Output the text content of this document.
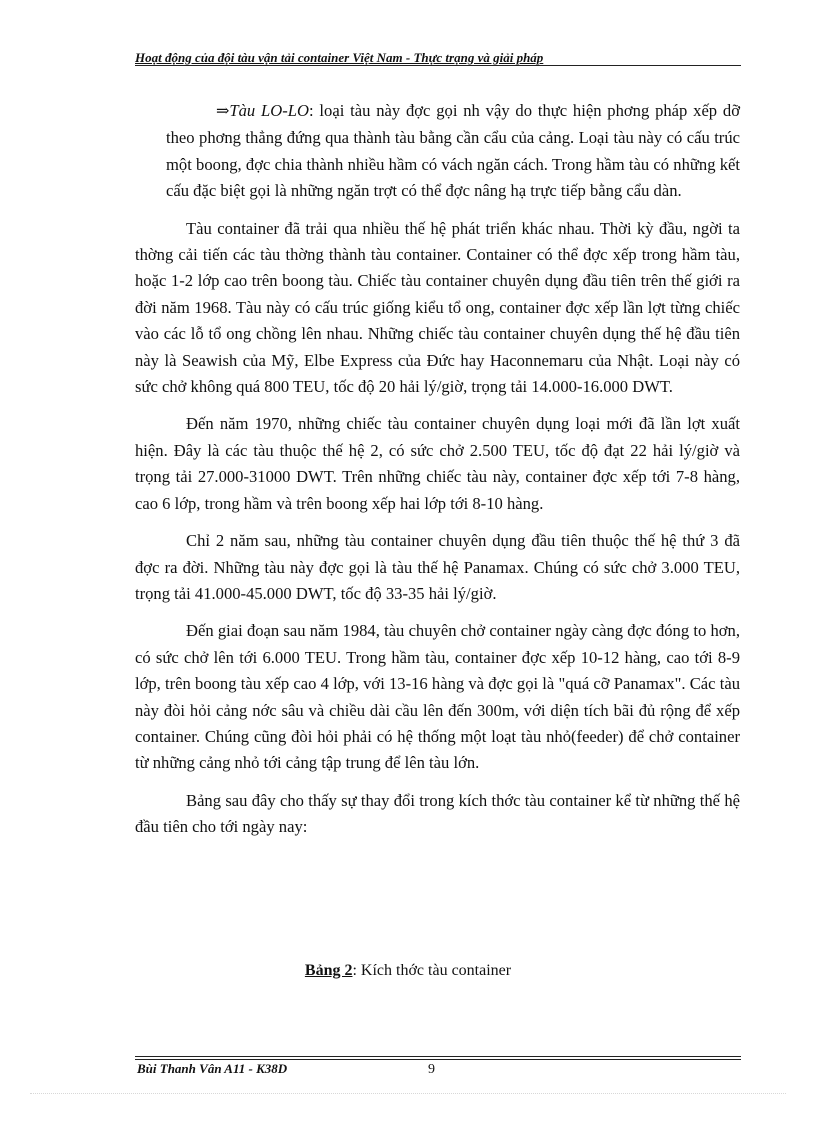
Hoạt động của đội tàu vận tải container Việt Nam - Thực trạng và giải pháp

⇒Tàu LO-LO: loại tàu này đợc gọi nh vậy do thực hiện phơng pháp xếp dỡ theo phơng thẳng đứng qua thành tàu bằng cần cẩu của cảng. Loại tàu này có cấu trúc một boong, đợc chia thành nhiều hầm có vách ngăn cách. Trong hầm tàu có những kết cấu đặc biệt gọi là những ngăn trợt có thể đợc nâng hạ trực tiếp bằng cẩu dàn.

Tàu container đã trải qua nhiều thế hệ phát triển khác nhau. Thời kỳ đầu, ngời ta thờng cải tiến các tàu thờng thành tàu container. Container có thể đợc xếp trong hầm tàu, hoặc 1-2 lớp cao trên boong tàu. Chiếc tàu container chuyên dụng đầu tiên trên thế giới ra đời năm 1968. Tàu này có cấu trúc giống kiểu tổ ong, container đợc xếp lần lợt từng chiếc vào các lỗ tổ ong chồng lên nhau. Những chiếc tàu container chuyên dụng thế hệ đầu tiên này là Seawish của Mỹ, Elbe Express của Đức hay Haconnemaru của Nhật. Loại này có sức chở không quá 800 TEU, tốc độ 20 hải lý/giờ, trọng tải 14.000-16.000 DWT.

Đến năm 1970, những chiếc tàu container chuyên dụng loại mới đã lần lợt xuất hiện. Đây là các tàu thuộc thế hệ 2, có sức chở 2.500 TEU, tốc độ đạt 22 hải lý/giờ và trọng tải 27.000-31000 DWT. Trên những chiếc tàu này, container đợc xếp tới 7-8 hàng, cao 6 lớp, trong hầm và trên boong xếp hai lớp tới 8-10 hàng.

Chỉ 2 năm sau, những tàu container chuyên dụng đầu tiên thuộc thế hệ thứ 3 đã đợc ra đời. Những tàu này đợc gọi là tàu thế hệ Panamax. Chúng có sức chở 3.000 TEU, trọng tải 41.000-45.000 DWT, tốc độ 33-35 hải lý/giờ.

Đến giai đoạn sau năm 1984, tàu chuyên chở container ngày càng đợc đóng to hơn, có sức chở lên tới 6.000 TEU. Trong hầm tàu, container đợc xếp 10-12 hàng, cao tới 8-9 lớp, trên boong tàu xếp cao 4 lớp, với 13-16 hàng và đợc gọi là "quá cỡ Panamax". Các tàu này đòi hỏi cảng nớc sâu và chiều dài cầu lên đến 300m, với diện tích bãi đủ rộng để xếp container. Chúng cũng đòi hỏi phải có hệ thống một loạt tàu nhỏ(feeder) để chở container từ những cảng nhỏ tới cảng tập trung để lên tàu lớn.

Bảng sau đây cho thấy sự thay đổi trong kích thớc tàu container kể từ những thế hệ đầu tiên cho tới ngày nay:

Bảng 2: Kích thớc tàu container
Bùi Thanh Vân A11 - K38D	9
